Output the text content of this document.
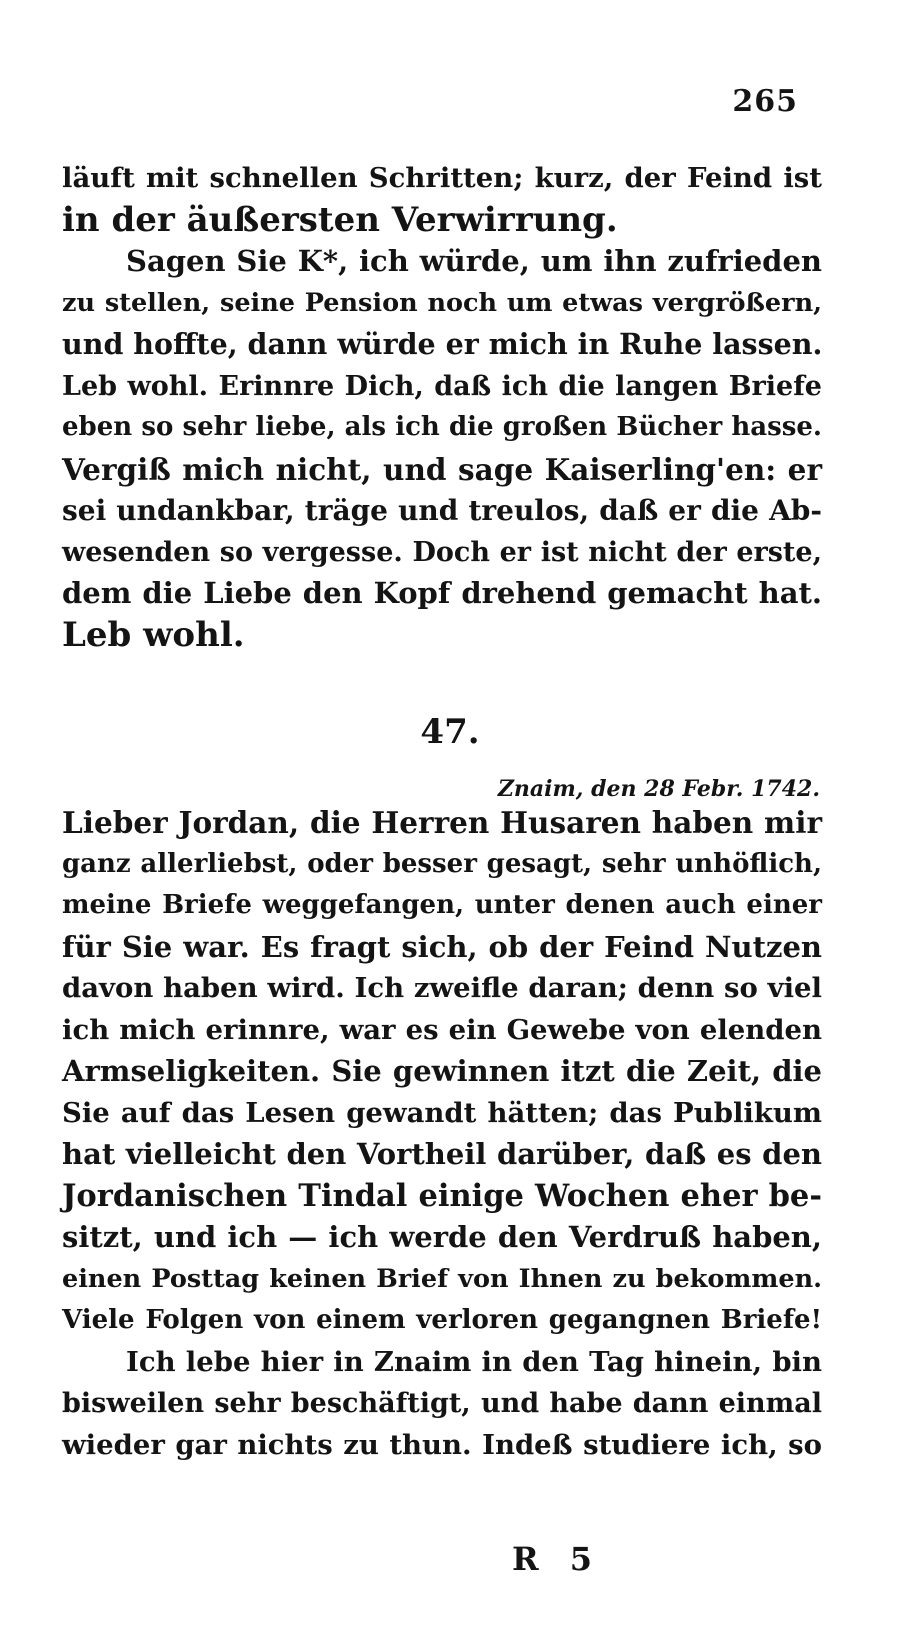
265
läuft mit schnellen Schritten; kurz, der Feind ist
in der äußersten Verwirrung.
Sagen Sie K*, ich würde, um ihn zufrieden
zu stellen, seine Pension noch um etwas vergrößern,
und hoffte, dann würde er mich in Ruhe lassen.
Leb wohl. Erinnre Dich, daß ich die langen Briefe
eben so sehr liebe, als ich die großen Bücher hasse.
Vergiß mich nicht, und sage Kaiserling'en: er
sei undankbar, träge und treulos, daß er die Ab-
wesenden so vergesse. Doch er ist nicht der erste,
dem die Liebe den Kopf drehend gemacht hat.
Leb wohl.
47.
Znaim, den 28 Febr. 1742.
Lieber Jordan, die Herren Husaren haben mir
ganz allerliebst, oder besser gesagt, sehr unhöflich,
meine Briefe weggefangen, unter denen auch einer
für Sie war. Es fragt sich, ob der Feind Nutzen
davon haben wird. Ich zweifle daran; denn so viel
ich mich erinnre, war es ein Gewebe von elenden
Armseligkeiten. Sie gewinnen itzt die Zeit, die
Sie auf das Lesen gewandt hätten; das Publikum
hat vielleicht den Vortheil darüber, daß es den
Jordanischen Tindal einige Wochen eher be-
sitzt, und ich — ich werde den Verdruß haben,
einen Posttag keinen Brief von Ihnen zu bekommen.
Viele Folgen von einem verloren gegangnen Briefe!
Ich lebe hier in Znaim in den Tag hinein, bin
bisweilen sehr beschäftigt, und habe dann einmal
wieder gar nichts zu thun. Indeß studiere ich, so
R 5
